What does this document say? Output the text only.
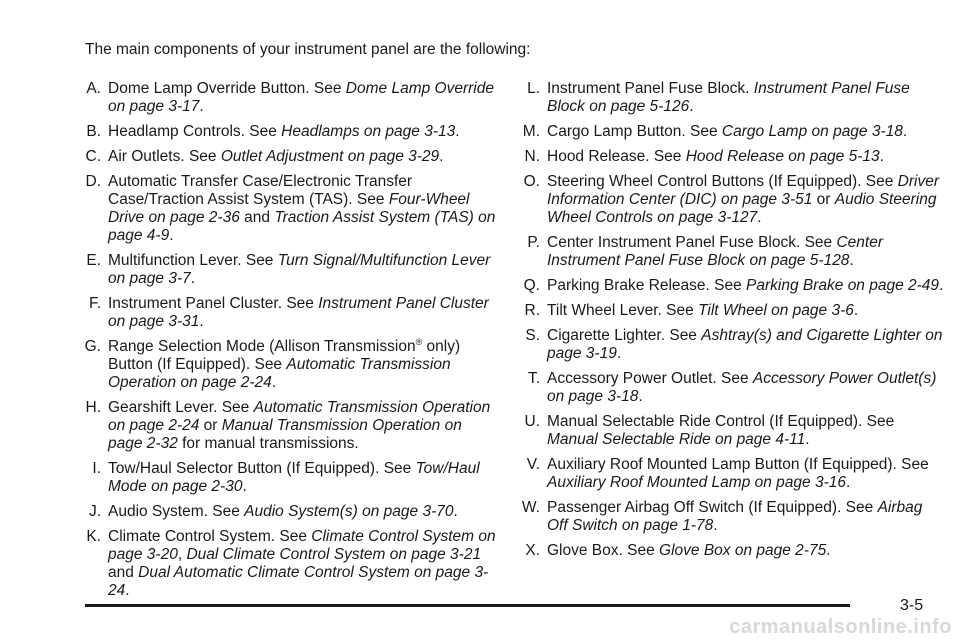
The main components of your instrument panel are the following:
A. Dome Lamp Override Button. See Dome Lamp Override on page 3-17.
B. Headlamp Controls. See Headlamps on page 3-13.
C. Air Outlets. See Outlet Adjustment on page 3-29.
D. Automatic Transfer Case/Electronic Transfer Case/Traction Assist System (TAS). See Four-Wheel Drive on page 2-36 and Traction Assist System (TAS) on page 4-9.
E. Multifunction Lever. See Turn Signal/Multifunction Lever on page 3-7.
F. Instrument Panel Cluster. See Instrument Panel Cluster on page 3-31.
G. Range Selection Mode (Allison Transmission® only) Button (If Equipped). See Automatic Transmission Operation on page 2-24.
H. Gearshift Lever. See Automatic Transmission Operation on page 2-24 or Manual Transmission Operation on page 2-32 for manual transmissions.
I. Tow/Haul Selector Button (If Equipped). See Tow/Haul Mode on page 2-30.
J. Audio System. See Audio System(s) on page 3-70.
K. Climate Control System. See Climate Control System on page 3-20, Dual Climate Control System on page 3-21 and Dual Automatic Climate Control System on page 3-24.
L. Instrument Panel Fuse Block. Instrument Panel Fuse Block on page 5-126.
M. Cargo Lamp Button. See Cargo Lamp on page 3-18.
N. Hood Release. See Hood Release on page 5-13.
O. Steering Wheel Control Buttons (If Equipped). See Driver Information Center (DIC) on page 3-51 or Audio Steering Wheel Controls on page 3-127.
P. Center Instrument Panel Fuse Block. See Center Instrument Panel Fuse Block on page 5-128.
Q. Parking Brake Release. See Parking Brake on page 2-49.
R. Tilt Wheel Lever. See Tilt Wheel on page 3-6.
S. Cigarette Lighter. See Ashtray(s) and Cigarette Lighter on page 3-19.
T. Accessory Power Outlet. See Accessory Power Outlet(s) on page 3-18.
U. Manual Selectable Ride Control (If Equipped). See Manual Selectable Ride on page 4-11.
V. Auxiliary Roof Mounted Lamp Button (If Equipped). See Auxiliary Roof Mounted Lamp on page 3-16.
W. Passenger Airbag Off Switch (If Equipped). See Airbag Off Switch on page 1-78.
X. Glove Box. See Glove Box on page 2-75.
3-5
carmanualsonline.info
